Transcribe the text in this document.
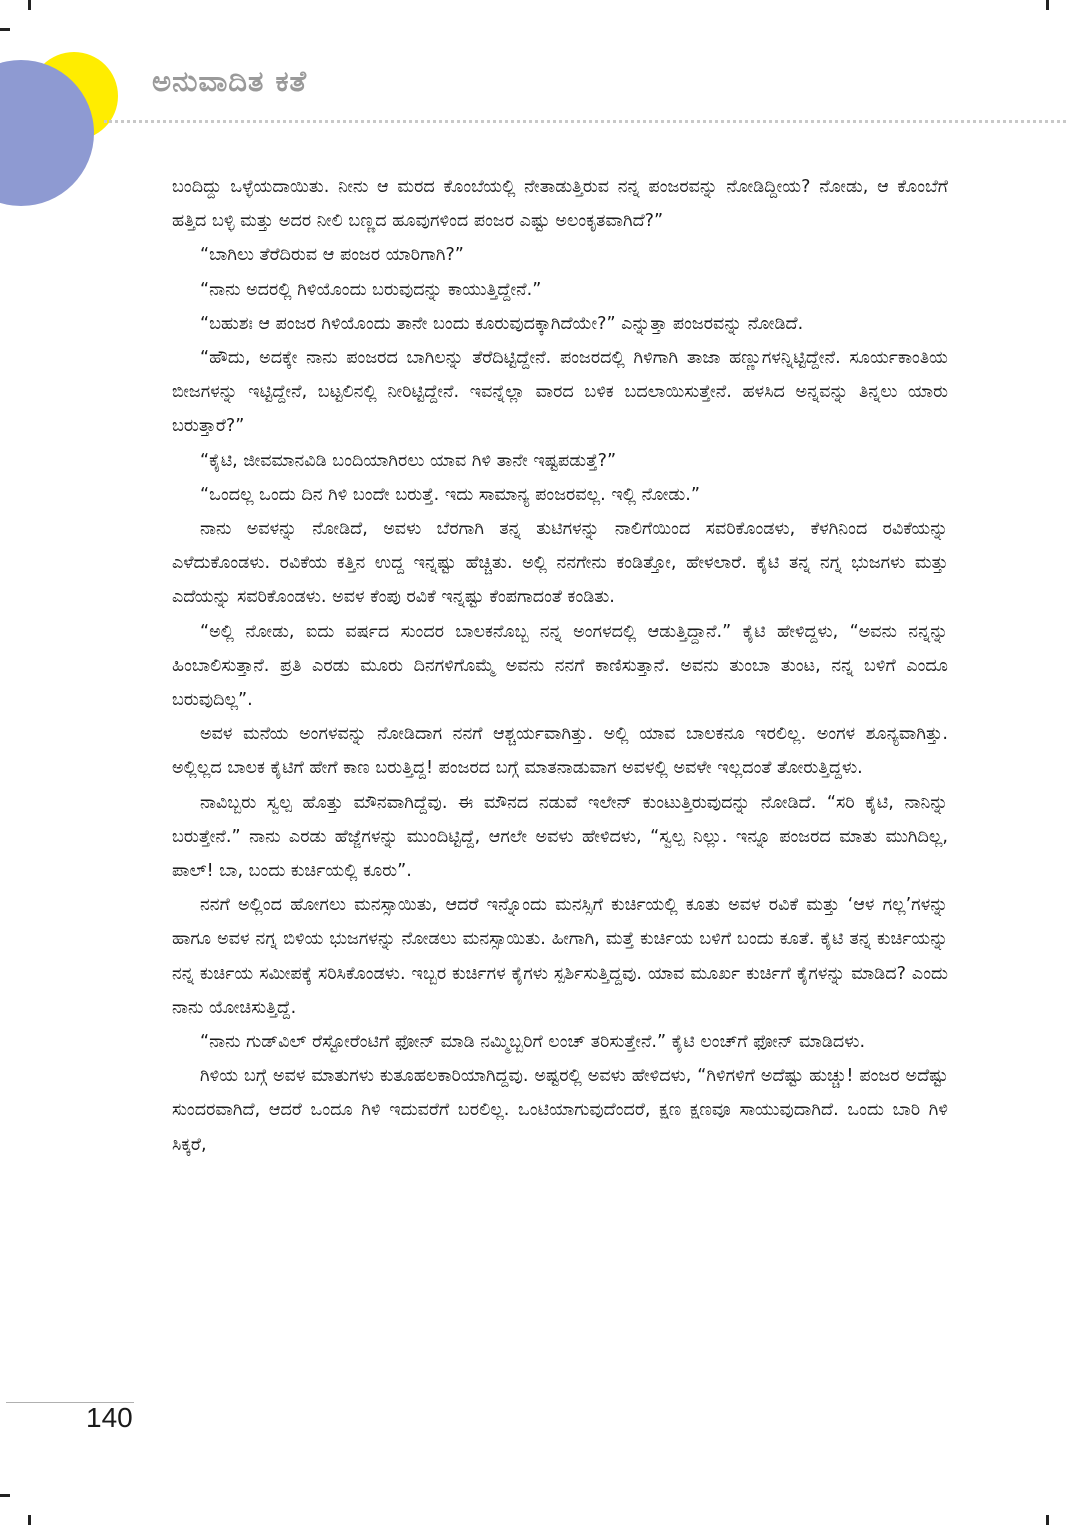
ಅನುವಾದಿತ ಕತೆ

ಬಂದಿದ್ದು ಒಳ್ಳೆಯದಾಯಿತು. ನೀನು ಆ ಮರದ ಕೊಂಬೆಯಲ್ಲಿ ನೇತಾಡುತ್ತಿರುವ ನನ್ನ ಪಂಜರವನ್ನು ನೋಡಿದ್ದೀಯ? ನೋಡು, ಆ ಕೊಂಬೆಗೆ ಹತ್ತಿದ ಬಳ್ಳಿ ಮತ್ತು ಅದರ ನೀಲಿ ಬಣ್ಣದ ಹೂವುಗಳಿಂದ ಪಂಜರ ಎಷ್ಟು ಅಲಂಕೃತವಾಗಿದೆ?”

“ಬಾಗಿಲು ತೆರೆದಿರುವ ಆ ಪಂಜರ ಯಾರಿಗಾಗಿ?”

“ನಾನು ಅದರಲ್ಲಿ ಗಿಳಿಯೊಂದು ಬರುವುದನ್ನು ಕಾಯುತ್ತಿದ್ದೇನೆ.”

“ಬಹುಶಃ ಆ ಪಂಜರ ಗಿಳಿಯೊಂದು ತಾನೇ ಬಂದು ಕೂರುವುದಕ್ಕಾಗಿದೆಯೇ?” ಎನ್ನುತ್ತಾ ಪಂಜರವನ್ನು ನೋಡಿದೆ.

“ಹೌದು, ಅದಕ್ಕೇ ನಾನು ಪಂಜರದ ಬಾಗಿಲನ್ನು ತೆರೆದಿಟ್ಟಿದ್ದೇನೆ. ಪಂಜರದಲ್ಲಿ ಗಿಳಿಗಾಗಿ ತಾಜಾ ಹಣ್ಣುಗಳನ್ನಿಟ್ಟಿದ್ದೇನೆ. ಸೂರ್ಯಕಾಂತಿಯ ಬೀಜಗಳನ್ನು ಇಟ್ಟಿದ್ದೇನೆ, ಬಟ್ಟಲಿನಲ್ಲಿ ನೀರಿಟ್ಟಿದ್ದೇನೆ. ಇವನ್ನೆಲ್ಲಾ ವಾರದ ಬಳಿಕ ಬದಲಾಯಿಸುತ್ತೇನೆ. ಹಳಸಿದ ಅನ್ನವನ್ನು ತಿನ್ನಲು ಯಾರು ಬರುತ್ತಾರೆ?”

“ಕೈಟಿ, ಜೀವಮಾನವಿಡಿ ಬಂದಿಯಾಗಿರಲು ಯಾವ ಗಿಳಿ ತಾನೇ ಇಷ್ಟಪಡುತ್ತೆ?”

“ಒಂದಲ್ಲ ಒಂದು ದಿನ ಗಿಳಿ ಬಂದೇ ಬರುತ್ತೆ. ಇದು ಸಾಮಾನ್ಯ ಪಂಜರವಲ್ಲ. ಇಲ್ಲಿ ನೋಡು.”

ನಾನು ಅವಳನ್ನು ನೋಡಿದೆ, ಅವಳು ಬೆರಗಾಗಿ ತನ್ನ ತುಟಿಗಳನ್ನು ನಾಲಿಗೆಯಿಂದ ಸವರಿಕೊಂಡಳು, ಕೆಳಗಿನಿಂದ ರವಿಕೆಯನ್ನು ಎಳೆದುಕೊಂಡಳು. ರವಿಕೆಯ ಕತ್ತಿನ ಉದ್ದ ಇನ್ನಷ್ಟು ಹೆಚ್ಚಿತು. ಅಲ್ಲಿ ನನಗೇನು ಕಂಡಿತ್ತೋ, ಹೇಳಲಾರೆ. ಕೈಟಿ ತನ್ನ ನಗ್ನ ಭುಜಗಳು ಮತ್ತು ಎದೆಯನ್ನು ಸವರಿಕೊಂಡಳು. ಅವಳ ಕೆಂಪು ರವಿಕೆ ಇನ್ನಷ್ಟು ಕೆಂಪಗಾದಂತೆ ಕಂಡಿತು.

“ಅಲ್ಲಿ ನೋಡು, ಐದು ವರ್ಷದ ಸುಂದರ ಬಾಲಕನೊಬ್ಬ ನನ್ನ ಅಂಗಳದಲ್ಲಿ ಆಡುತ್ತಿದ್ದಾನೆ.” ಕೈಟಿ ಹೇಳಿದ್ದಳು, “ಅವನು ನನ್ನನ್ನು ಹಿಂಬಾಲಿಸುತ್ತಾನೆ. ಪ್ರತಿ ಎರಡು ಮೂರು ದಿನಗಳಿಗೊಮ್ಮೆ ಅವನು ನನಗೆ ಕಾಣಿಸುತ್ತಾನೆ. ಅವನು ತುಂಬಾ ತುಂಟ, ನನ್ನ ಬಳಿಗೆ ಎಂದೂ ಬರುವುದಿಲ್ಲ”.

ಅವಳ ಮನೆಯ ಅಂಗಳವನ್ನು ನೋಡಿದಾಗ ನನಗೆ ಆಶ್ಚರ್ಯವಾಗಿತ್ತು. ಅಲ್ಲಿ ಯಾವ ಬಾಲಕನೂ ಇರಲಿಲ್ಲ. ಅಂಗಳ ಶೂನ್ಯವಾಗಿತ್ತು. ಅಲ್ಲಿಲ್ಲದ ಬಾಲಕ ಕೈಟಿಗೆ ಹೇಗೆ ಕಾಣ ಬರುತ್ತಿದ್ದ! ಪಂಜರದ ಬಗ್ಗೆ ಮಾತನಾಡುವಾಗ ಅವಳಲ್ಲಿ ಅವಳೇ ಇಲ್ಲದಂತೆ ತೋರುತ್ತಿದ್ದಳು.

ನಾವಿಬ್ಬರು ಸ್ವಲ್ಪ ಹೊತ್ತು ಮೌನವಾಗಿದ್ದೆವು. ಈ ಮೌನದ ನಡುವೆ ಇಲೇನ್ ಕುಂಟುತ್ತಿರುವುದನ್ನು ನೋಡಿದೆ. “ಸರಿ ಕೈಟಿ, ನಾನಿನ್ನು ಬರುತ್ತೇನೆ.” ನಾನು ಎರಡು ಹೆಜ್ಜೆಗಳನ್ನು ಮುಂದಿಟ್ಟಿದ್ದೆ, ಆಗಲೇ ಅವಳು ಹೇಳಿದಳು, “ಸ್ವಲ್ಪ ನಿಲ್ಲು. ಇನ್ನೂ ಪಂಜರದ ಮಾತು ಮುಗಿದಿಲ್ಲ, ಪಾಲ್! ಬಾ, ಬಂದು ಕುರ್ಚಿಯಲ್ಲಿ ಕೂರು”.

ನನಗೆ ಅಲ್ಲಿಂದ ಹೋಗಲು ಮನಸ್ಸಾಯಿತು, ಆದರೆ ಇನ್ನೊಂದು ಮನಸ್ಸಿಗೆ ಕುರ್ಚಿಯಲ್ಲಿ ಕೂತು ಅವಳ ರವಿಕೆ ಮತ್ತು ‘ಆಳ ಗಲ್ಲ’ಗಳನ್ನು ಹಾಗೂ ಅವಳ ನಗ್ನ ಬಿಳಿಯ ಭುಜಗಳನ್ನು ನೋಡಲು ಮನಸ್ಸಾಯಿತು. ಹೀಗಾಗಿ, ಮತ್ತೆ ಕುರ್ಚಿಯ ಬಳಿಗೆ ಬಂದು ಕೂತೆ. ಕೈಟಿ ತನ್ನ ಕುರ್ಚಿಯನ್ನು ನನ್ನ ಕುರ್ಚಿಯ ಸಮೀಪಕ್ಕೆ ಸರಿಸಿಕೊಂಡಳು. ಇಬ್ಬರ ಕುರ್ಚಿಗಳ ಕೈಗಳು ಸ್ಪರ್ಶಿಸುತ್ತಿದ್ದವು. ಯಾವ ಮೂರ್ಖ ಕುರ್ಚಿಗೆ ಕೈಗಳನ್ನು ಮಾಡಿದ? ಎಂದು ನಾನು ಯೋಚಿಸುತ್ತಿದ್ದೆ.

“ನಾನು ಗುಡ್‌ವಿಲ್ ರೆಸ್ಟೋರೆಂಟಿಗೆ ಫೋನ್ ಮಾಡಿ ನಮ್ಮಿಬ್ಬರಿಗೆ ಲಂಚ್ ತರಿಸುತ್ತೇನೆ.” ಕೈಟಿ ಲಂಚ್‌ಗೆ ಫೋನ್ ಮಾಡಿದಳು.

ಗಿಳಿಯ ಬಗ್ಗೆ ಅವಳ ಮಾತುಗಳು ಕುತೂಹಲಕಾರಿಯಾಗಿದ್ದವು. ಅಷ್ಟರಲ್ಲಿ ಅವಳು ಹೇಳಿದಳು, “ಗಿಳಿಗಳಿಗೆ ಅದೆಷ್ಟು ಹುಚ್ಚು! ಪಂಜರ ಅದೆಷ್ಟು ಸುಂದರವಾಗಿದೆ, ಆದರೆ ಒಂದೂ ಗಿಳಿ ಇದುವರೆಗೆ ಬರಲಿಲ್ಲ. ಒಂಟಿಯಾಗುವುದೆಂದರೆ, ಕ್ಷಣ ಕ್ಷಣವೂ ಸಾಯುವುದಾಗಿದೆ. ಒಂದು ಬಾರಿ ಗಿಳಿ ಸಿಕ್ಕರೆ,

140
